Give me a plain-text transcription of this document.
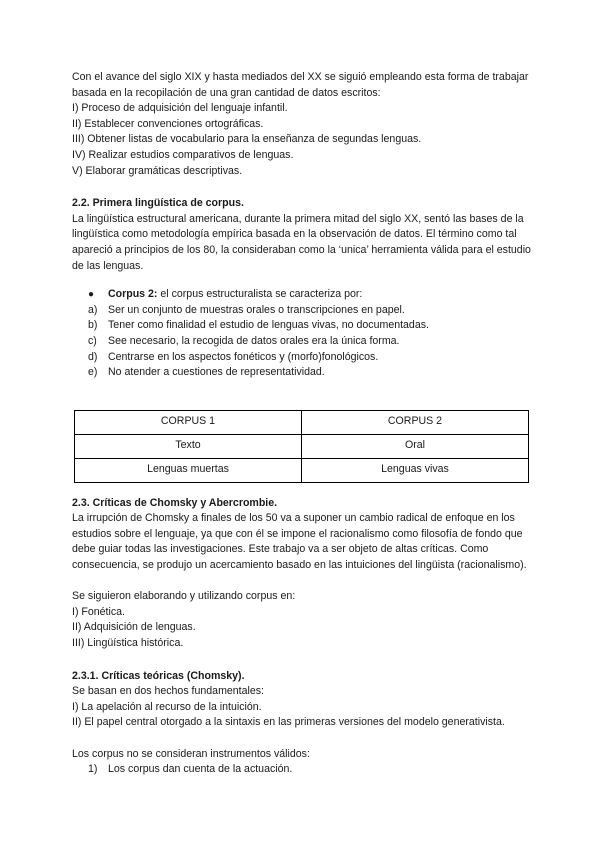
Con el avance del siglo XIX y hasta mediados del XX se siguió empleando esta forma de trabajar basada en la recopilación de una gran cantidad de datos escritos:

I) Proceso de adquisición del lenguaje infantil.

II) Establecer convenciones ortográficas.

III) Obtener listas de vocabulario para la enseñanza de segundas lenguas.

IV) Realizar estudios comparativos de lenguas.

V) Elaborar gramáticas descriptivas.

2.2. Primera lingüística de corpus.

La lingüística estructural americana, durante la primera mitad del siglo XX, sentó las bases de la lingüística como metodología empírica basada en la observación de datos. El término como tal apareció a principios de los 80, la consideraban como la ‘unica’ herramienta válida para el estudio de las lenguas.

●	Corpus 2: el corpus estructuralista se caracteriza por:
a) Ser un conjunto de muestras orales o transcripciones en papel.
b) Tener como finalidad el estudio de lenguas vivas, no documentadas.
c)	See necesario, la recogida de datos orales era la única forma.
d) Centrarse en los aspectos fonéticos y (morfo)fonológicos.
e) No atender a cuestiones de representatividad.
CORPUS 1	CORPUS 2
Texto	Oral
Lenguas muertas	Lenguas vivas

2.3. Críticas de Chomsky y Abercrombie.

La irrupción de Chomsky a finales de los 50 va a suponer un cambio radical de enfoque en los estudios sobre el lenguaje, ya que con él se impone el racionalismo como filosofía de fondo que debe guiar todas las investigaciones. Este trabajo va a ser objeto de altas críticas. Como consecuencia, se produjo un acercamiento basado en las intuiciones del lingüista (racionalismo).

Se siguieron elaborando y utilizando corpus en:

I) Fonética.

II) Adquisición de lenguas.

III) Lingüística histórica.

2.3.1. Críticas teóricas (Chomsky).

Se basan en dos hechos fundamentales:

I) La apelación al recurso de la intuición.

II) El papel central otorgado a la sintaxis en las primeras versiones del modelo generativista.

Los corpus no se consideran instrumentos válidos:

1) Los corpus dan cuenta de la actuación.
